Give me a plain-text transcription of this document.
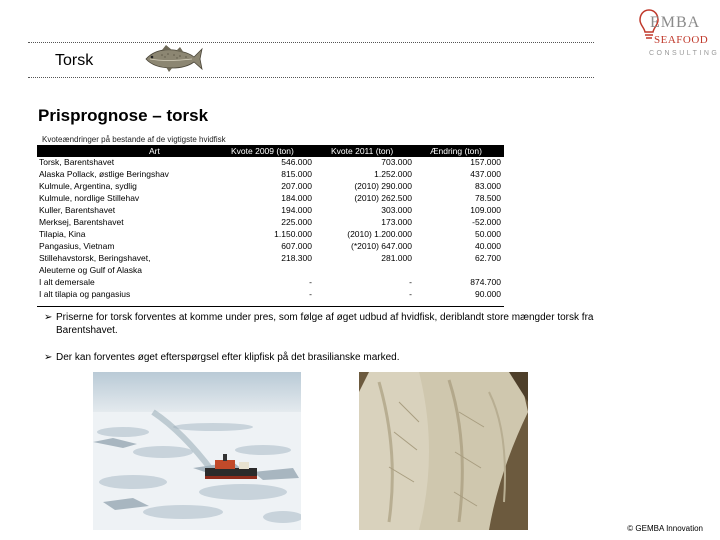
Torsk
EMBA
SEAFOOD
CONSULTING
Prisprognose – torsk
Kvoteændringer på bestande af de vigtigste hvidfisk
Art	Kvote 2009 (ton)	Kvote 2011 (ton)	Ændring (ton)
Torsk, Barentshavet	546.000	703.000	157.000
Alaska Pollack, østlige Beringshav	815.000	1.252.000	437.000
Kulmule, Argentina, sydlig	207.000	(2010) 290.000	83.000
Kulmule, nordlige Stillehav	184.000	(2010) 262.500	78.500
Kuller, Barentshavet	194.000	303.000	109.000
Merksej, Barentshavet	225.000	173.000	-52.000
Tilapia, Kina	1.150.000	(2010) 1.200.000	50.000
Pangasius, Vietnam	607.000	(*2010) 647.000	40.000
Stillehavstorsk, Beringshavet,	218.300	281.000	62.700
Aleuterne og Gulf of Alaska
I alt demersale	-	-	874.700
I alt tilapia og pangasius	-	-	90.000
➢ Priserne for torsk forventes at komme under pres, som følge af øget udbud af hvidfisk, deriblandt store mængder torsk fra Barentshavet.
➢ Der kan forventes øget efterspørgsel efter klipfisk på det brasilianske marked.
© GEMBA Innovation
